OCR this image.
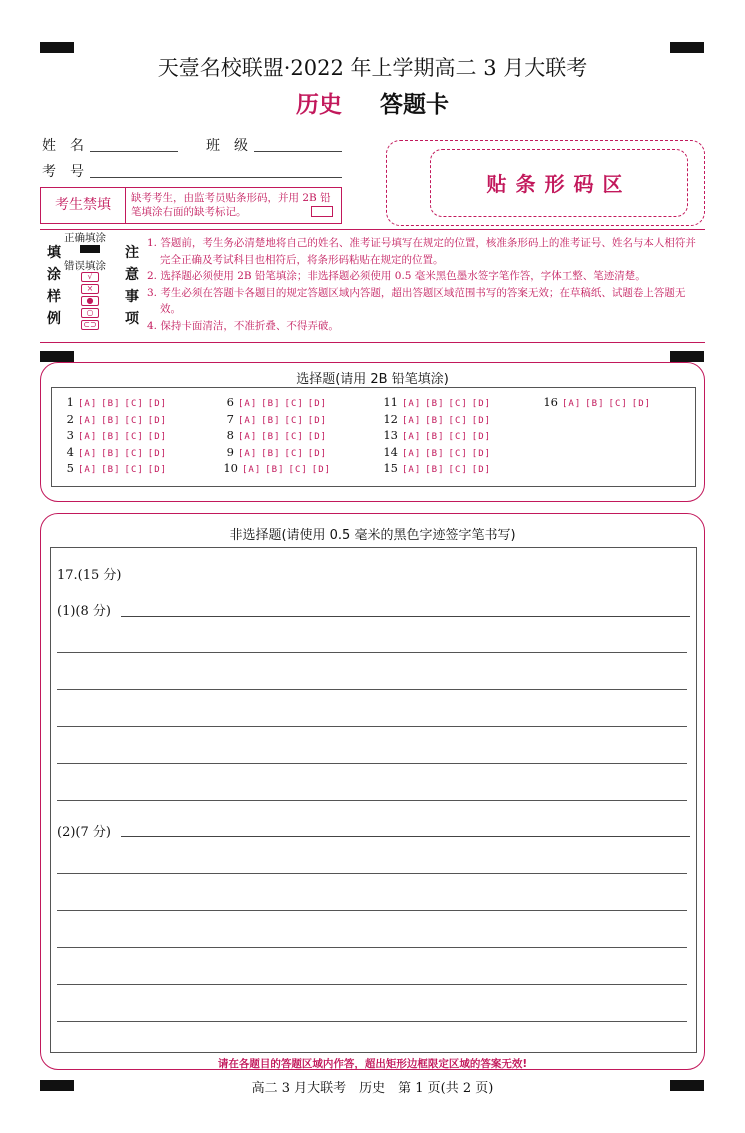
天壹名校联盟·2022 年上学期高二 3 月大联考
历史 答题卡
姓名	班级
考号	贴条形码区
考生禁填	缺考考生，由监考员贴条形码，并用 2B 铅笔填涂右面的缺考标记。
填涂样例
正确填涂
错误填涂
√
×
●
○
⊂⊃
注意事项
1. 答题前，考生务必清楚地将自己的姓名、准考证号填写在规定的位置，核准条形码上的准考证号、姓名与本人相符并完全正确及考试科目也相符后，将条形码粘贴在规定的位置。
2. 选择题必须使用 2B 铅笔填涂；非选择题必须使用 0.5 毫米黑色墨水签字笔作答，字体工整、笔迹清楚。
3. 考生必须在答题卡各题目的规定答题区域内答题，超出答题区域范围书写的答案无效；在草稿纸、试题卷上答题无效。
4. 保持卡面清洁，不准折叠、不得弄破。
选择题(请用 2B 铅笔填涂)
1 [A] [B] [C] [D]
2 [A] [B] [C] [D]
3 [A] [B] [C] [D]
4 [A] [B] [C] [D]
5 [A] [B] [C] [D]
6 [A] [B] [C] [D]
7 [A] [B] [C] [D]
8 [A] [B] [C] [D]
9 [A] [B] [C] [D]
10 [A] [B] [C] [D]
11 [A] [B] [C] [D]
12 [A] [B] [C] [D]
13 [A] [B] [C] [D]
14 [A] [B] [C] [D]
15 [A] [B] [C] [D]
16 [A] [B] [C] [D]
非选择题(请使用 0.5 毫米的黑色字迹签字笔书写)
17.(15 分)
(1)(8 分)
(2)(7 分)
请在各题目的答题区域内作答，超出矩形边框限定区域的答案无效!
高二 3 月大联考　历史　第 1 页(共 2 页)
